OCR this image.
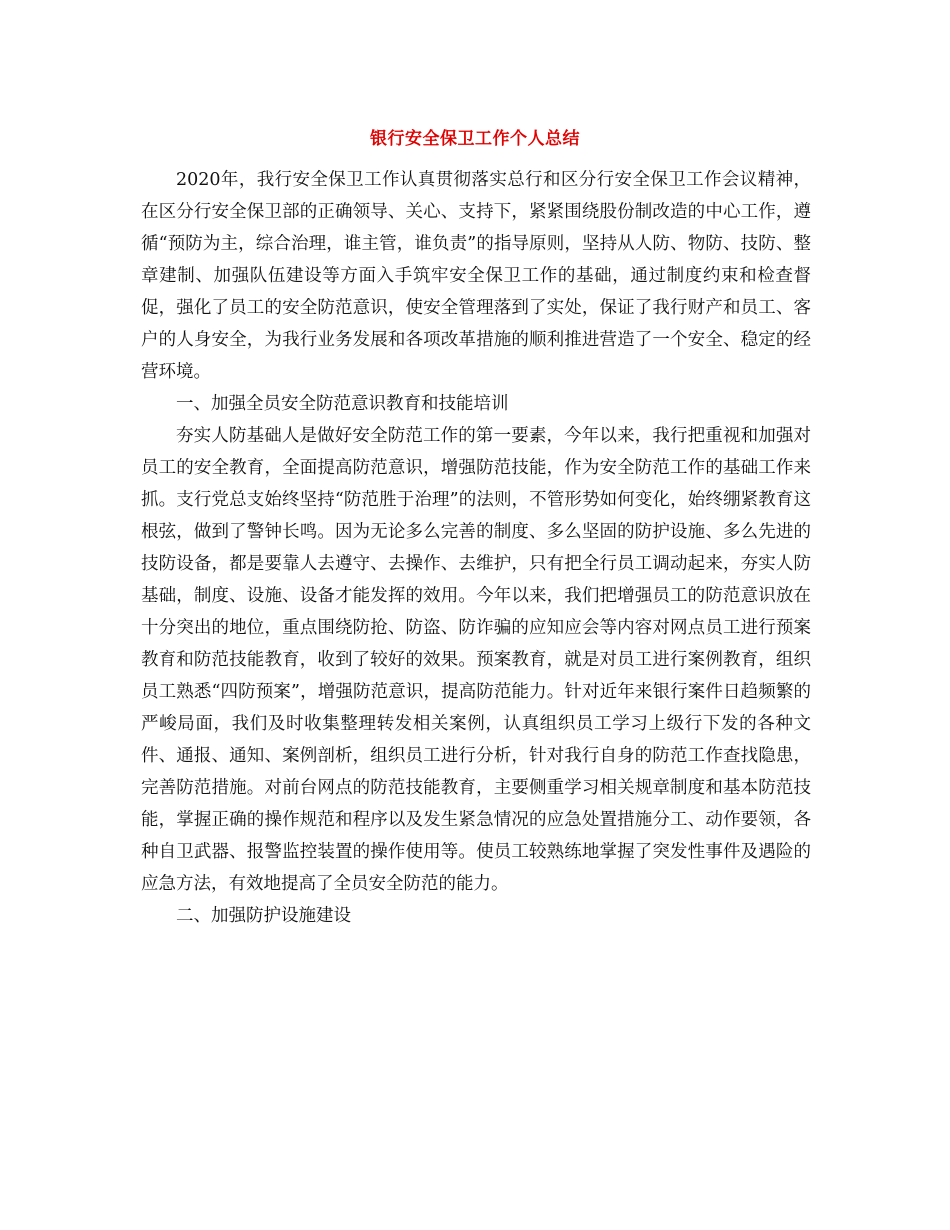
银行安全保卫工作个人总结

2020年，我行安全保卫工作认真贯彻落实总行和区分行安全保卫工作会议精神，在区分行安全保卫部的正确领导、关心、支持下，紧紧围绕股份制改造的中心工作，遵循“预防为主，综合治理，谁主管，谁负责”的指导原则，坚持从人防、物防、技防、整章建制、加强队伍建设等方面入手筑牢安全保卫工作的基础，通过制度约束和检查督促，强化了员工的安全防范意识，使安全管理落到了实处，保证了我行财产和员工、客户的人身安全，为我行业务发展和各项改革措施的顺利推进营造了一个安全、稳定的经营环境。

一、加强全员安全防范意识教育和技能培训

夯实人防基础人是做好安全防范工作的第一要素，今年以来，我行把重视和加强对员工的安全教育，全面提高防范意识，增强防范技能，作为安全防范工作的基础工作来抓。支行党总支始终坚持“防范胜于治理”的法则，不管形势如何变化，始终绷紧教育这根弦，做到了警钟长鸣。因为无论多么完善的制度、多么坚固的防护设施、多么先进的技防设备，都是要靠人去遵守、去操作、去维护，只有把全行员工调动起来，夯实人防基础，制度、设施、设备才能发挥的效用。今年以来，我们把增强员工的防范意识放在十分突出的地位，重点围绕防抢、防盗、防诈骗的应知应会等内容对网点员工进行预案教育和防范技能教育，收到了较好的效果。预案教育，就是对员工进行案例教育，组织员工熟悉“四防预案”，增强防范意识，提高防范能力。针对近年来银行案件日趋频繁的严峻局面，我们及时收集整理转发相关案例，认真组织员工学习上级行下发的各种文件、通报、通知、案例剖析，组织员工进行分析，针对我行自身的防范工作查找隐患，完善防范措施。对前台网点的防范技能教育，主要侧重学习相关规章制度和基本防范技能，掌握正确的操作规范和程序以及发生紧急情况的应急处置措施分工、动作要领，各种自卫武器、报警监控装置的操作使用等。使员工较熟练地掌握了突发性事件及遇险的应急方法，有效地提高了全员安全防范的能力。

二、加强防护设施建设
